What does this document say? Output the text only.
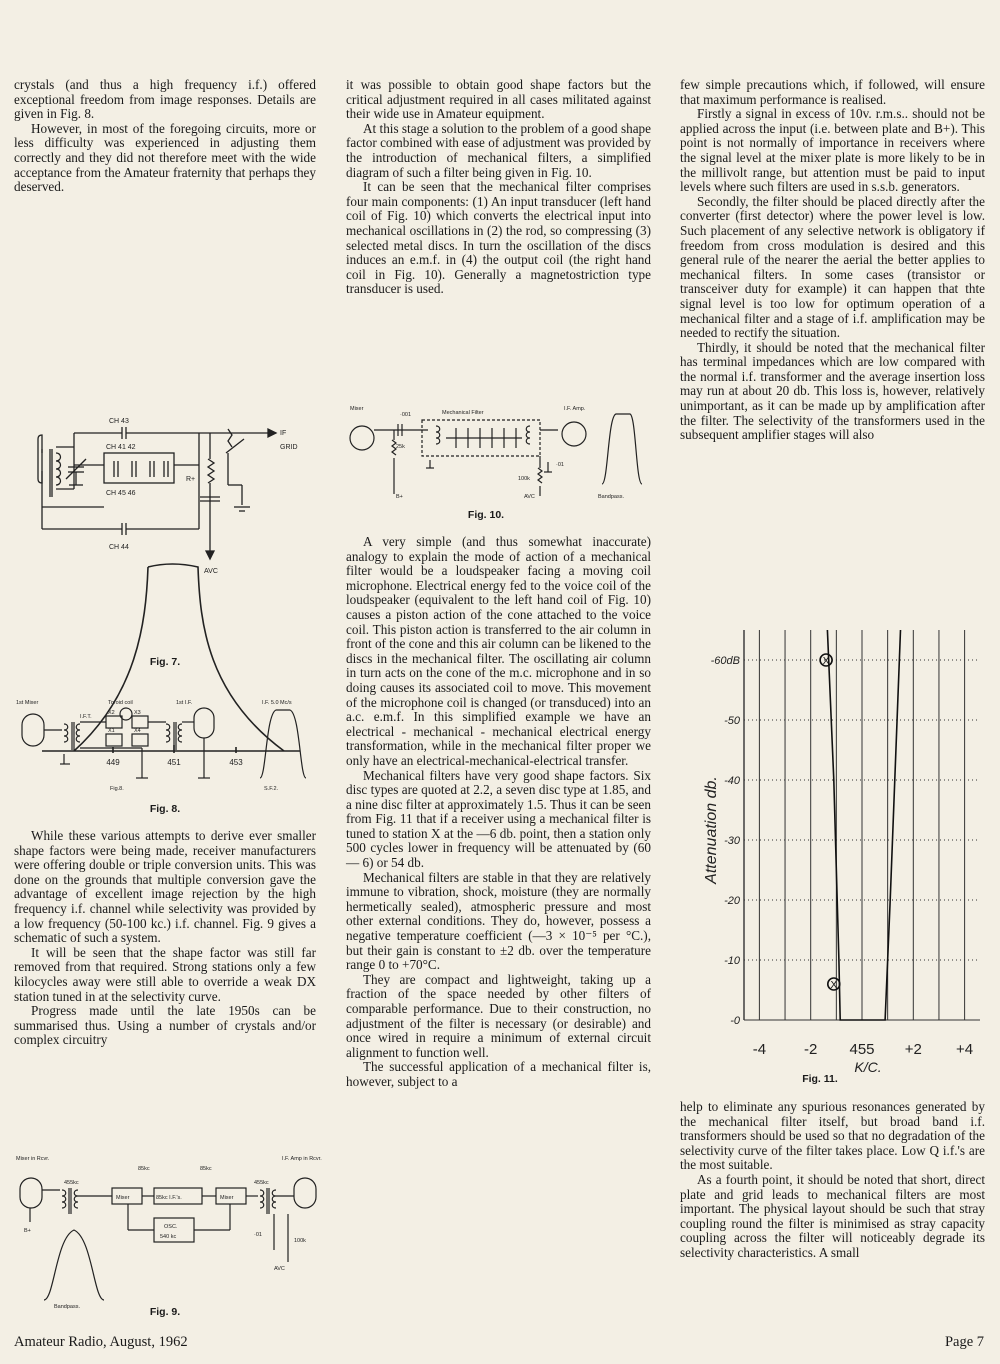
crystals (and thus a high frequency i.f.) offered exceptional freedom from image responses. Details are given in Fig. 8.

However, in most of the foregoing circuits, more or less difficulty was experienced in adjusting them correctly and they did not therefore meet with the wide acceptance from the Amateur fraternity that perhaps they deserved.

CH 43
CH 41 42
CH 45 46
CH 44
R+
IF
GRID
AVC
449	451	453
Fig. 7.
1st Mixer	Toroid coil
I.F.T.
1st I.F.
X1
X2	X3
X4
I.F. 5.0 Mc/s
S.F.2.
Fig.8.
Fig. 8.

While these various attempts to derive ever smaller shape factors were being made, receiver manufacturers were offering double or triple conversion units. This was done on the grounds that multiple conversion gave the advantage of excellent image rejection by the high frequency i.f. channel while selectivity was provided by a low frequency (50-100 kc.) i.f. channel. Fig. 9 gives a schematic of such a system.

It will be seen that the shape factor was still far removed from that required. Strong stations only a few kilocycles away were still able to override a weak DX station tuned in at the selectivity curve.

Progress made until the late 1950s can be summarised thus. Using a number of crystals and/or complex circuitry

Mixer in Rcvr.	I.F. Amp in Rcvr.
455kc	455kc
Mixer	Mixer
85kc	85kc
85kc I.F.'s.
OSC.
540 kc
B+
·01
100k
AVC
Bandpass.	Fig. 9.

it was possible to obtain good shape factors but the critical adjustment required in all cases militated against their wide use in Amateur equipment.

At this stage a solution to the problem of a good shape factor combined with ease of adjustment was provided by the introduction of mechanical filters, a simplified diagram of such a filter being given in Fig. 10.

It can be seen that the mechanical filter comprises four main components: (1) An input transducer (left hand coil of Fig. 10) which converts the electrical input into mechanical oscillations in (2) the rod, so compressing (3) selected metal discs. In turn the oscillation of the discs induces an e.m.f. in (4) the output coil (the right hand coil in Fig. 10). Generally a magnetostriction type transducer is used.

Mixer
·001	Mechanical Filter
I.F. Amp.
25k
B+
·01
100k
AVC	Bandpass.
Fig. 10.

A very simple (and thus somewhat inaccurate) analogy to explain the mode of action of a mechanical filter would be a loudspeaker facing a moving coil microphone. Electrical energy fed to the voice coil of the loudspeaker (equivalent to the left hand coil of Fig. 10) causes a piston action of the cone attached to the voice coil. This piston action is transferred to the air column in front of the cone and this air column can be likened to the discs in the mechanical filter. The oscillating air column in turn acts on the cone of the m.c. microphone and in so doing causes its associated coil to move. This movement of the microphone coil is changed (or transduced) into an a.c. e.m.f. In this simplified example we have an electrical - mechanical - mechanical electrical energy transformation, while in the mechanical filter proper we only have an electrical-mechanical-electrical transfer.

Mechanical filters have very good shape factors. Six disc types are quoted at 2.2, a seven disc type at 1.85, and a nine disc filter at approximately 1.5. Thus it can be seen from Fig. 11 that if a receiver using a mechanical filter is tuned to station X at the —6 db. point, then a station only 500 cycles lower in frequency will be attenuated by (60 — 6) or 54 db.

Mechanical filters are stable in that they are relatively immune to vibration, shock, moisture (they are normally hermetically sealed), atmospheric pressure and most other external conditions. They do, however, possess a negative temperature coefficient (—3 × 10⁻⁵ per °C.), but their gain is constant to ±2 db. over the temperature range 0 to +70°C.

They are compact and lightweight, taking up a fraction of the space needed by other filters of comparable performance. Due to their construction, no adjustment of the filter is necessary (or desirable) and once wired in require a minimum of external circuit alignment to function well.

The successful application of a mechanical filter is, however, subject to a

few simple precautions which, if followed, will ensure that maximum performance is realised.

Firstly a signal in excess of 10v. r.m.s.. should not be applied across the input (i.e. between plate and B+). This point is not normally of importance in receivers where the signal level at the mixer plate is more likely to be in the millivolt range, but attention must be paid to input levels where such filters are used in s.s.b. generators.

Secondly, the filter should be placed directly after the converter (first detector) where the power level is low. Such placement of any selective network is obligatory if freedom from cross modulation is desired and this general rule of the nearer the aerial the better applies to mechanical filters. In some cases (transistor or transceiver duty for example) it can happen that thte signal level is too low for optimum operation of a mechanical filter and a stage of i.f. amplification may be needed to rectify the situation.

Thirdly, it should be noted that the mechanical filter has terminal impedances which are low compared with the normal i.f. transformer and the average insertion loss may run at about 20 db. This loss is, however, relatively unimportant, as it can be made up by amplification after the filter. The selectivity of the transformers used in the subsequent amplifier stages will also

X
X
-0
-10
-20
-30
-40
-50
-60dB
-4	-2 455 +2 +4
K/C.
Attenuation db.
Fig. 11.

help to eliminate any spurious resonances generated by the mechanical filter itself, but broad band i.f. transformers should be used so that no degradation of the selectivity curve of the filter takes place. Low Q i.f.'s are the most suitable.

As a fourth point, it should be noted that short, direct plate and grid leads to mechanical filters are most important. The physical layout should be such that stray coupling round the filter is minimised as stray capacity coupling across the filter will noticeably degrade its selectivity characteristics. A small

Amateur Radio, August, 1962	Page 7
